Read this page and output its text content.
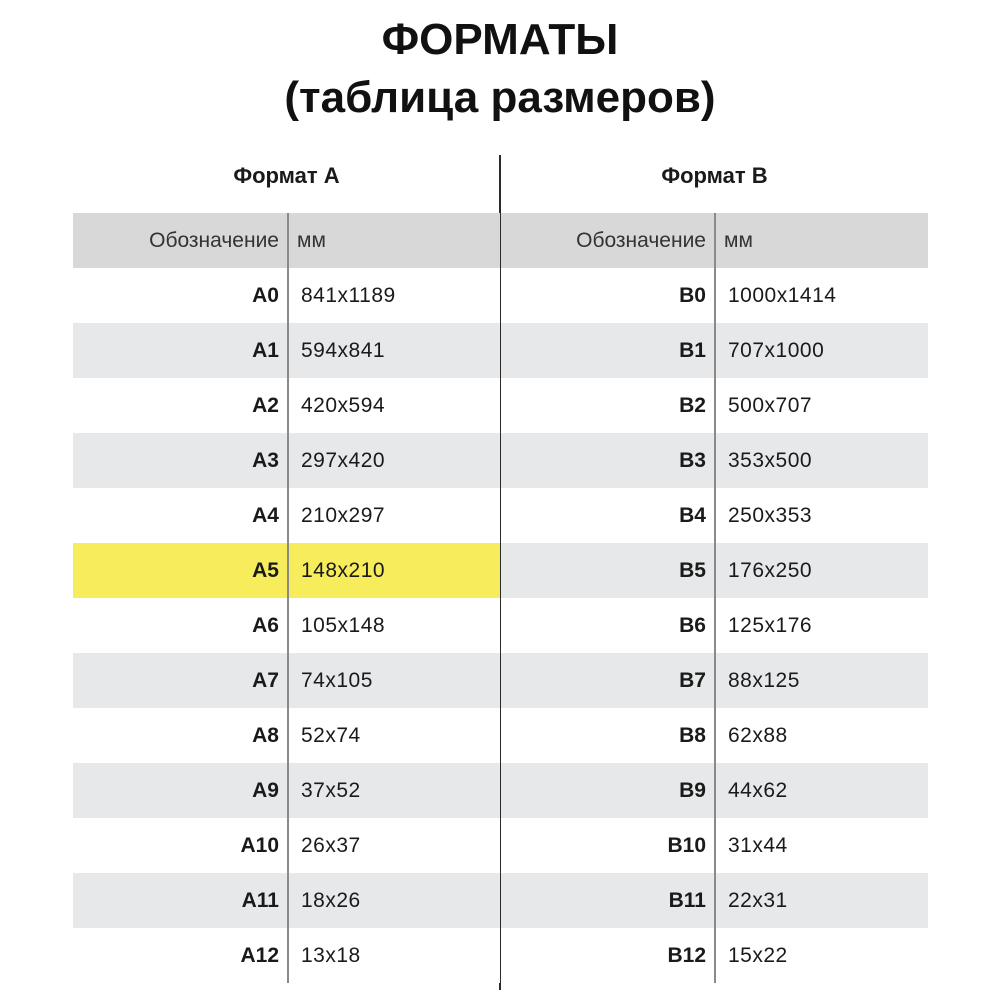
ФОРМАТЫ
(таблица размеров)
Формат А	Формат В
Обозначение	мм
A0	841x1189
A1	594x841
A2	420x594
A3	297x420
A4	210x297
A5	148x210
A6	105x148
A7	74x105
A8	52x74
A9	37x52
A10	26x37
A11	18x26
A12	13x18
Обозначение	мм
B0	1000x1414
B1	707x1000
B2	500x707
B3	353x500
B4	250x353
B5	176x250
B6	125x176
B7	88x125
B8	62x88
B9	44x62
B10	31x44
B11	22x31
B12	15x22
